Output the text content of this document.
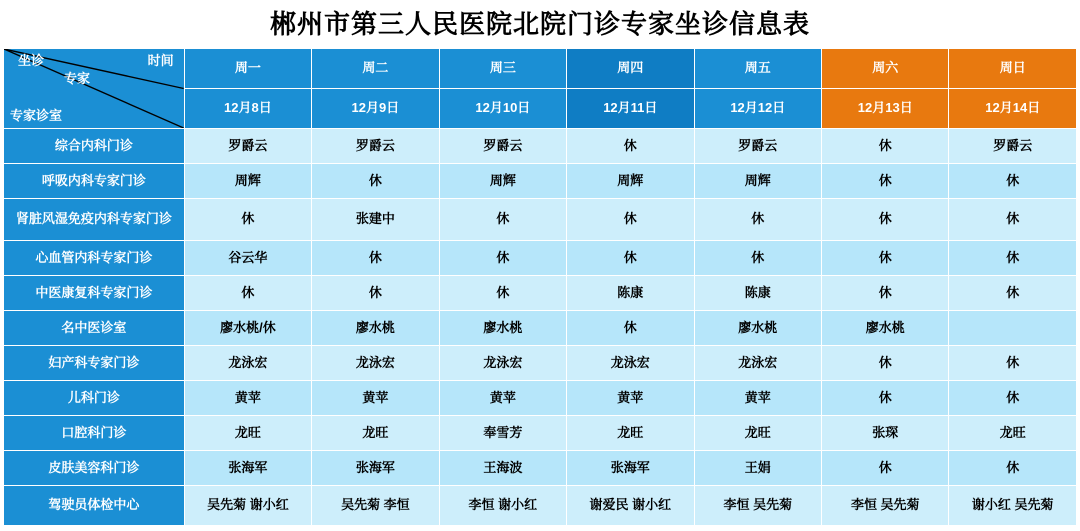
郴州市第三人民医院北院门诊专家坐诊信息表
坐诊 时间
专家
专家诊室	周一	周二	周三	周四	周五	周六	周日
	12月8日	12月9日	12月10日	12月11日	12月12日	12月13日	12月14日
综合内科门诊	罗爵云	罗爵云	罗爵云	休	罗爵云	休	罗爵云
呼吸内科专家门诊	周辉	休	周辉	周辉	周辉	休	休
肾脏风湿免疫内科专家门诊	休	张建中	休	休	休	休	休
心血管内科专家门诊	谷云华	休	休	休	休	休	休
中医康复科专家门诊	休	休	休	陈康	陈康	休	休
名中医诊室	廖水桃/休	廖水桃	廖水桃	休	廖水桃	廖水桃	
妇产科专家门诊	龙泳宏	龙泳宏	龙泳宏	龙泳宏	龙泳宏	休	休
儿科门诊	黄苹	黄苹	黄苹	黄苹	黄苹	休	休
口腔科门诊	龙旺	龙旺	奉雪芳	龙旺	龙旺	张琛	龙旺
皮肤美容科门诊	张海军	张海军	王海波	张海军	王娟	休	休
驾驶员体检中心	吴先菊 谢小红	吴先菊 李恒	李恒 谢小红	谢爱民 谢小红	李恒 吴先菊	李恒 吴先菊	谢小红 吴先菊
